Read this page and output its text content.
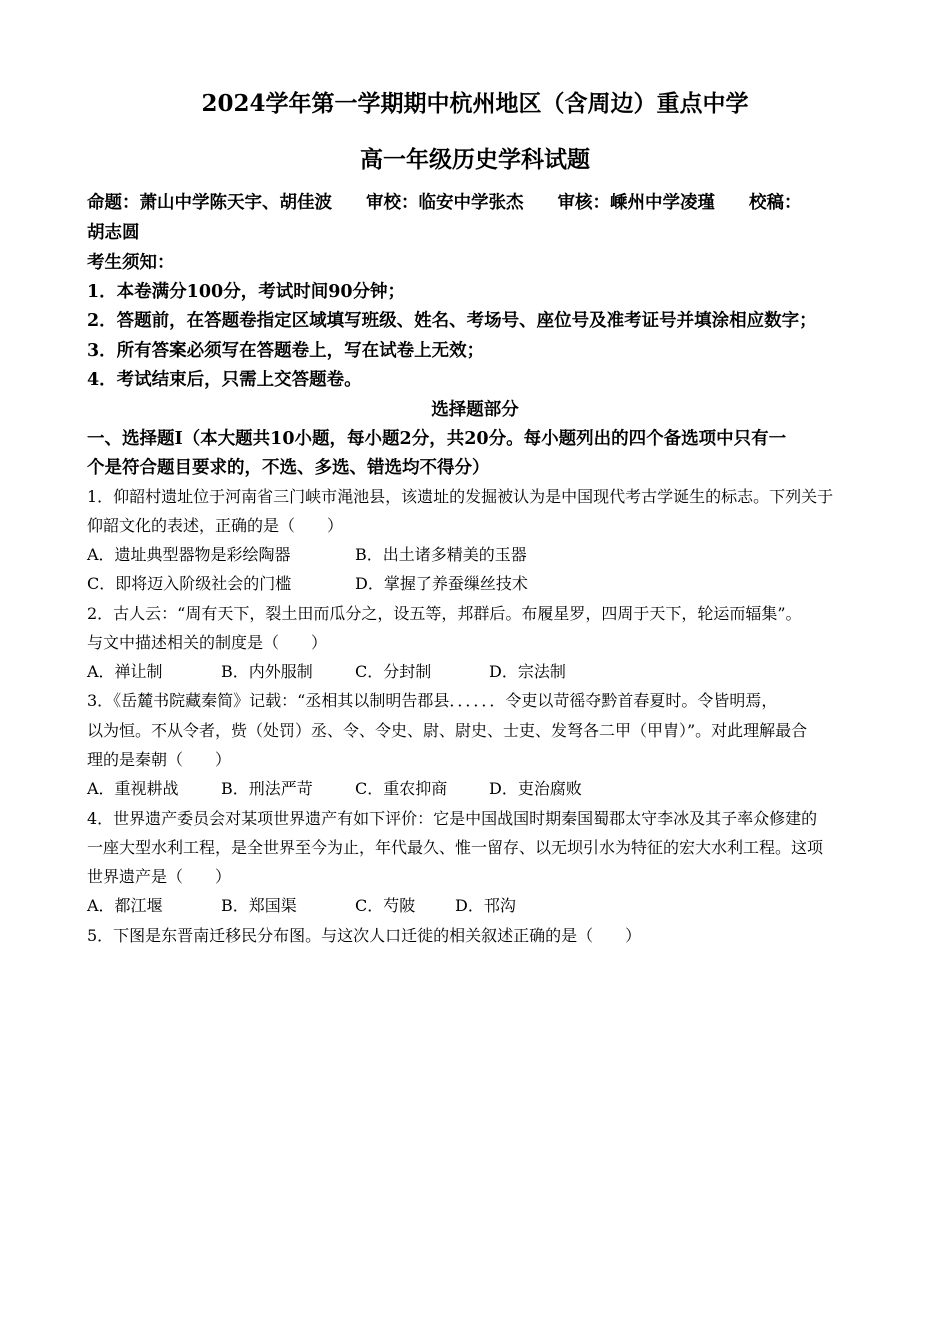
2024学年第一学期期中杭州地区（含周边）重点中学
高一年级历史学科试题
命题：萧山中学陈天宇、胡佳波 审校：临安中学张杰 审核：嵊州中学凌瑾 校稿：
胡志圆
考生须知：
1．本卷满分100分，考试时间90分钟；
2．答题前，在答题卷指定区域填写班级、姓名、考场号、座位号及准考证号并填涂相应数字；
3．所有答案必须写在答题卷上，写在试卷上无效；
4．考试结束后，只需上交答题卷。
选择题部分
一、选择题I（本大题共10小题，每小题2分，共20分。每小题列出的四个备选项中只有一
个是符合题目要求的，不选、多选、错选均不得分）
1．仰韶村遗址位于河南省三门峡市渑池县，该遗址的发掘被认为是中国现代考古学诞生的标志。下列关于
仰韶文化的表述，正确的是（　　）
A．遗址典型器物是彩绘陶器	B．出土诸多精美的玉器
C．即将迈入阶级社会的门槛	D．掌握了养蚕缫丝技术
2．古人云：“周有天下，裂土田而瓜分之，设五等，邦群后。布履星罗，四周于天下，轮运而辐集”。
与文中描述相关的制度是（　　）
A．禅让制	B．内外服制	C．分封制	D．宗法制
3．《岳麓书院藏秦简》记载：“丞相其以制明告郡县．．．．．．令吏以苛徭夺黔首春夏时。令皆明焉，
以为恒。不从令者，赀（处罚）丞、令、令史、尉、尉史、士吏、发弩各二甲（甲胄）”。对此理解最合
理的是秦朝（　　）
A．重视耕战	B．刑法严苛	C．重农抑商	D．吏治腐败
4．世界遗产委员会对某项世界遗产有如下评价：它是中国战国时期秦国蜀郡太守李冰及其子率众修建的
一座大型水利工程，是全世界至今为止，年代最久、惟一留存、以无坝引水为特征的宏大水利工程。这项
世界遗产是（　　）
A．都江堰	B．郑国渠	C．芍陂 D．邗沟
5．下图是东晋南迁移民分布图。与这次人口迁徙的相关叙述正确的是（　　）
